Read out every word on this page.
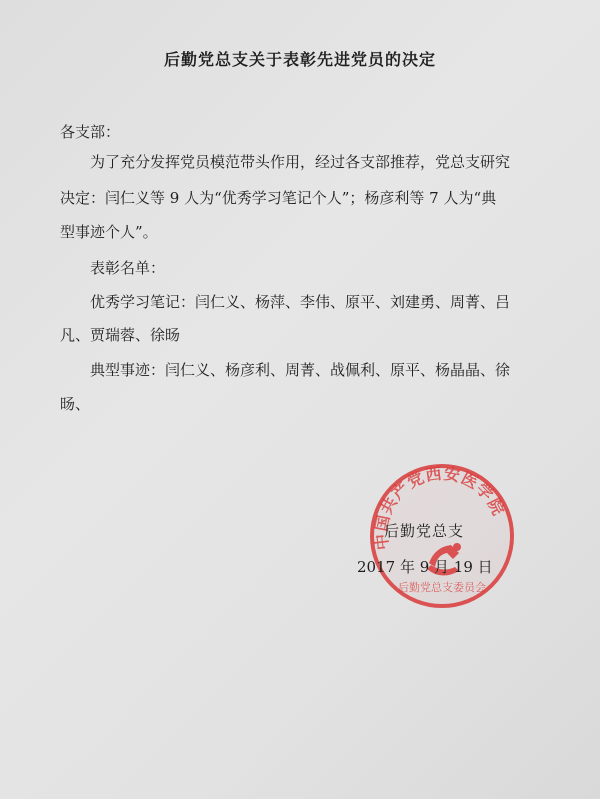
后勤党总支关于表彰先进党员的决定
各支部：
为了充分发挥党员模范带头作用，经过各支部推荐，党总支研究
决定：闫仁义等 9 人为“优秀学习笔记个人”；杨彦利等 7 人为“典
型事迹个人”。
表彰名单：
优秀学习笔记：闫仁义、杨萍、李伟、原平、刘建勇、周菁、吕
凡、贾瑞蓉、徐旸
典型事迹：闫仁义、杨彦利、周菁、战佩利、原平、杨晶晶、徐
旸、
中国共产党西安医学院
后勤党总支委员会
后勤党总支
2017 年 9 月 19 日
